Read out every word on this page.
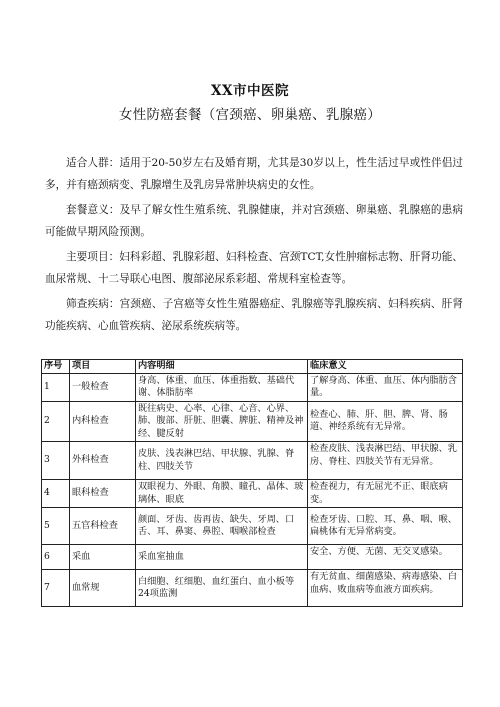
XX市中医院
女性防癌套餐（宫颈癌、卵巢癌、乳腺癌）

适合人群：适用于20-50岁左右及婚育期，尤其是30岁以上，性生活过早或性伴侣过多，并有癌颈病变、乳腺增生及乳房异常肿块病史的女性。

套餐意义：及早了解女性生殖系统、乳腺健康，并对宫颈癌、卵巢癌、乳腺癌的患病可能做早期风险预测。

主要项目：妇科彩超、乳腺彩超、妇科检查、宫颈TCT,女性肿瘤标志物、肝肾功能、血尿常规、十二导联心电图、腹部泌尿系彩超、常规科室检查等。

筛查疾病：宫颈癌、子宫癌等女性生殖器癌症、乳腺癌等乳腺疾病、妇科疾病、肝肾功能疾病、心血管疾病、泌尿系统疾病等。

序号	项目	内容明细	临床意义
1	一般检查	身高、体重、血压、体重指数、基础代谢、体脂肪率	了解身高、体重、血压、体内脂肪含量。
2	内科检查	既往病史、心率、心律、心音、心界、肺、腹部、肝脏、胆囊、脾脏、精神及神经、腱反射	检查心、肺、肝、胆、脾、肾、肠道、神经系统有无异常。
3	外科检查	皮肤、浅表淋巴结、甲状腺、乳腺、脊柱、四肢关节	检查皮肤、浅表淋巴结、甲状腺、乳房、脊柱、四肢关节有无异常。
4	眼科检查	双眼视力、外眼、角膜、瞳孔、晶体、玻璃体、眼底	检查视力，有无屈光不正、眼底病变。
5	五官科检查	颜面、牙齿、齿再齿、缺失、牙周、口舌、耳、鼻窦、鼻腔、咽喉部检查	检查牙齿、口腔、耳、鼻、咽、喉、扁桃体有无异常病变。
6	采血	采血室抽血	安全、方便、无菌、无交叉感染。
7	血常规	白细胞、红细胞、血红蛋白、血小板等24项监测	有无贫血、细菌感染、病毒感染、白血病、败血病等血液方面疾病。
